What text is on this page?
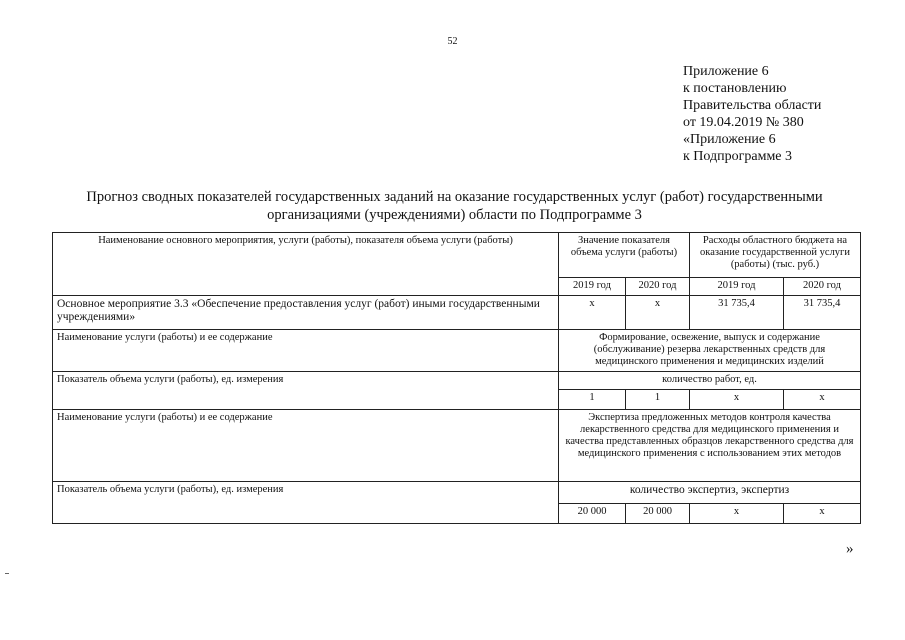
52
Приложение 6
к постановлению
Правительства области
от 19.04.2019 № 380
«Приложение 6
к Подпрограмме 3
Прогноз сводных показателей государственных заданий на оказание государственных услуг (работ) государственными
организациями (учреждениями) области по Подпрограмме 3
Наименование основного мероприятия, услуги (работы), показателя объема услуги (работы)	Значение показателя объема услуги (работы)		Расходы областного бюджета на оказание государственной услуги (работы) (тыс. руб.)	
	2019 год	2020 год	2019 год	2020 год
Основное мероприятие 3.3 «Обеспечение предоставления услуг (работ) иными государственными учреждениями»	х	х	31 735,4	31 735,4
Наименование услуги (работы) и ее содержание	Формирование, освежение, выпуск и содержание (обслуживание) резерва лекарственных средств для медицинского применения и медицинских изделий			
Показатель объема услуги (работы), ед. измерения	количество работ, ед.			
	1	1	х	х
Наименование услуги (работы) и ее содержание	Экспертиза предложенных методов контроля качества лекарственного средства для медицинского применения и качества представленных образцов лекарственного средства для медицинского применения с использованием этих методов			
Показатель объема услуги (работы), ед. измерения	количество экспертиз, экспертиз			
	20 000	20 000	х	х
»
